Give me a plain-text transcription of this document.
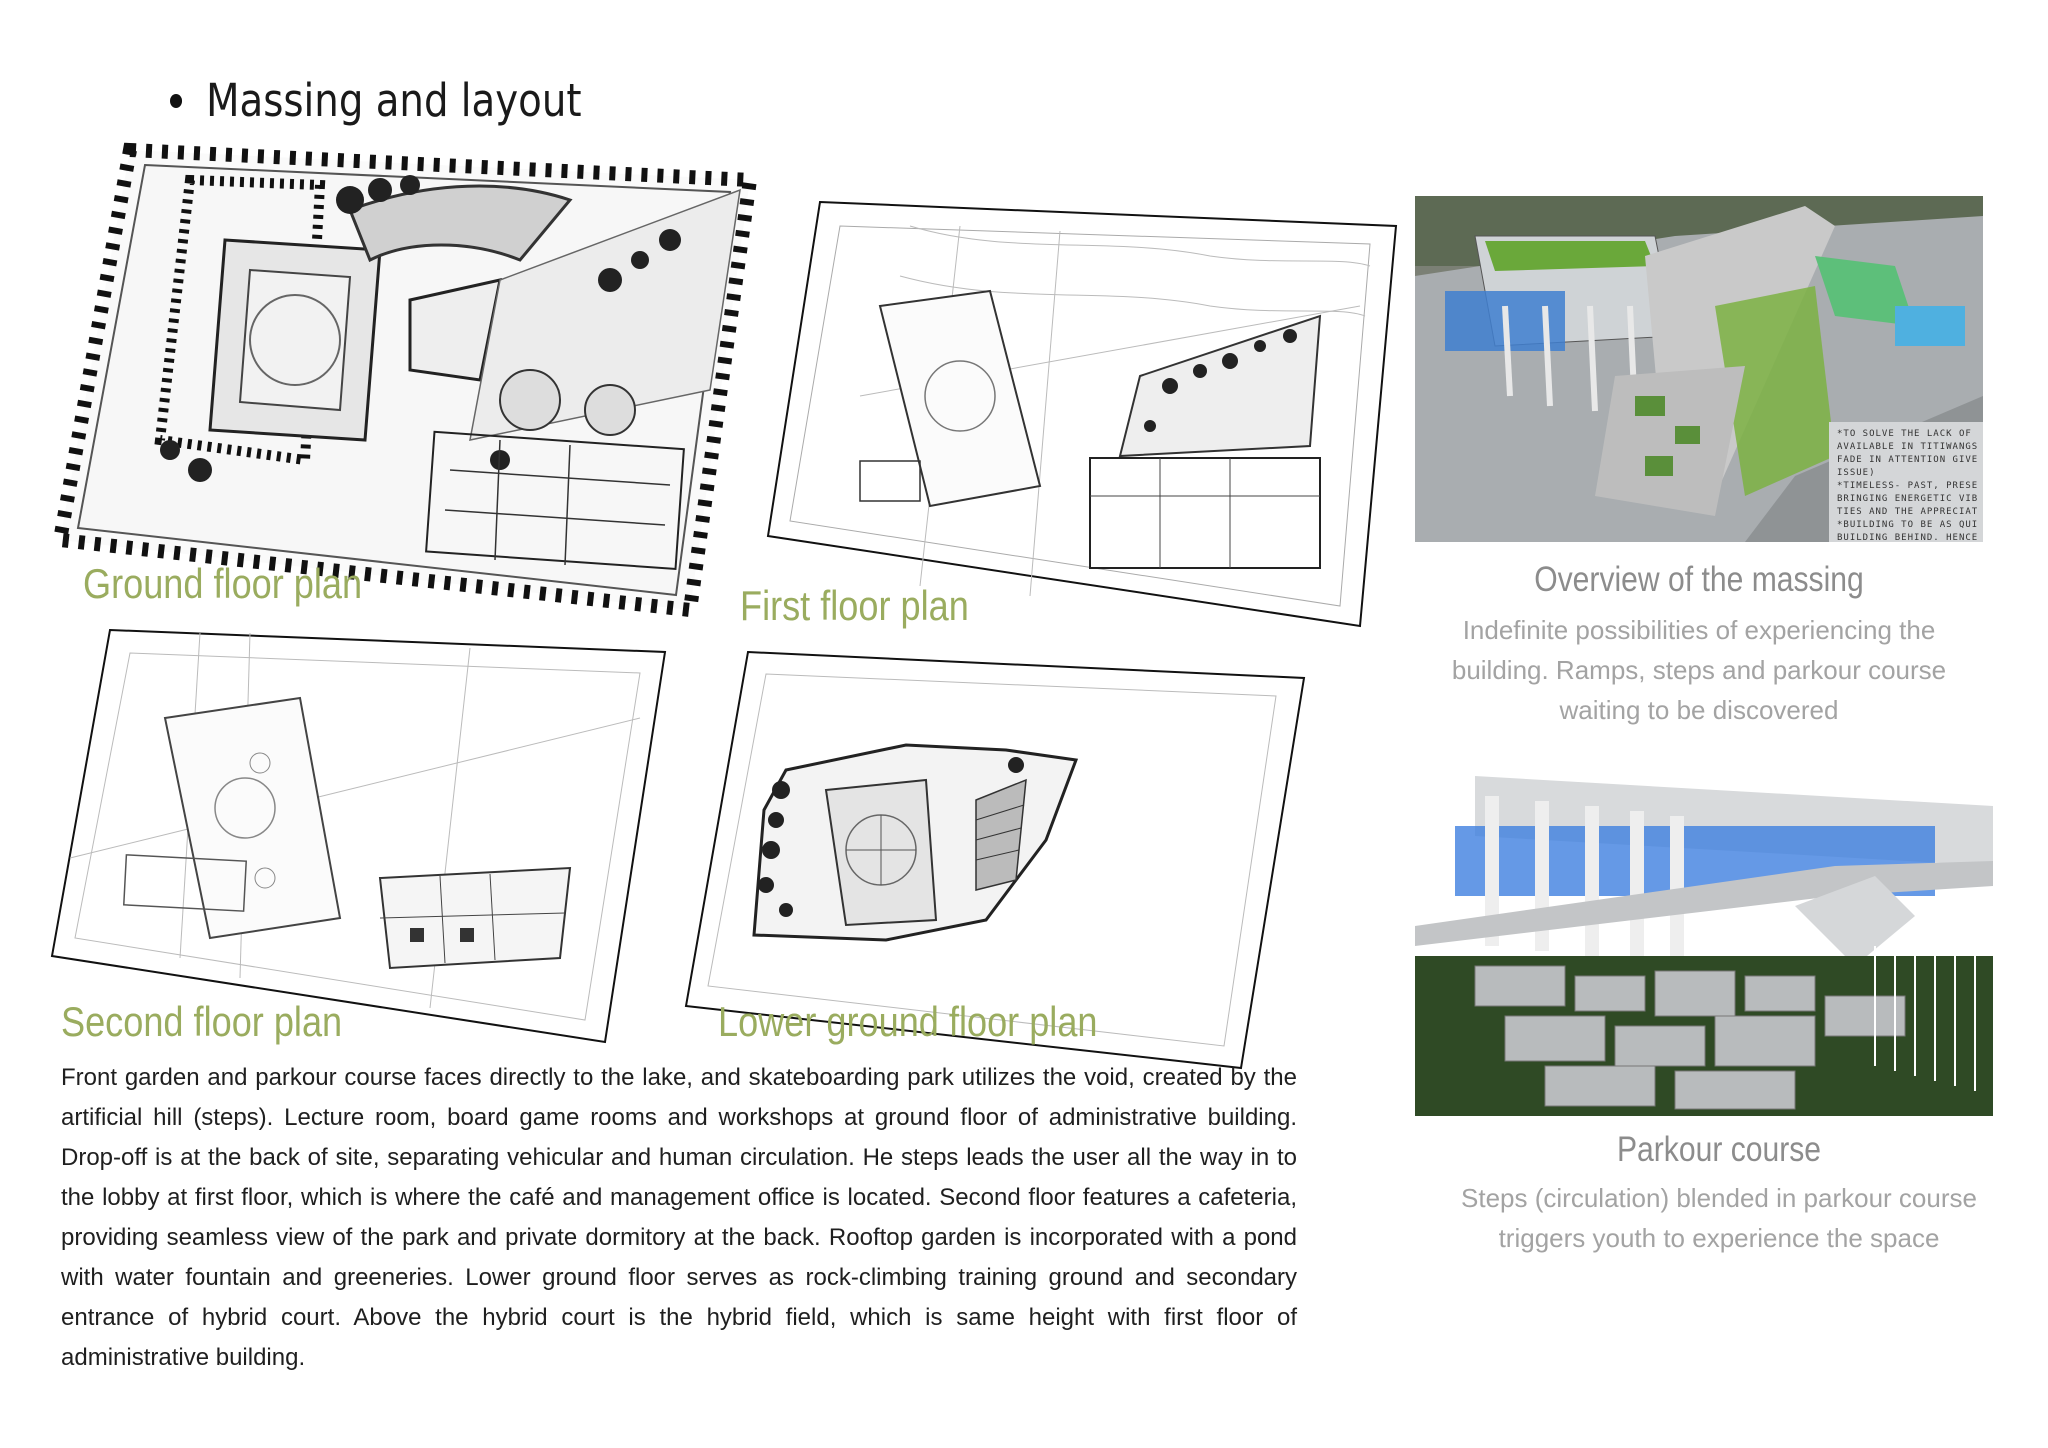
Massing and layout
Ground floor plan	First floor plan
Second floor plan	Lower ground floor plan
Front garden and parkour course faces directly to the lake, and skateboarding park utilizes the void, created by the artificial hill (steps). Lecture room, board game rooms and workshops at ground floor of administrative building. Drop-off is at the back of site, separating vehicular and human circulation. He steps leads the user all the way in to the lobby at first floor, which is where the café and management office is located. Second floor features a cafeteria, providing seamless view of the park and private dormitory at the back. Rooftop garden is incorporated with a pond with water fountain and greeneries. Lower ground floor serves as rock-climbing training ground and secondary entrance of hybrid court. Above the hybrid court is the hybrid field, which is same height with first floor of administrative building.
*TO SOLVE THE LACK OF
AVAILABLE IN TITIWANGS
FADE IN ATTENTION GIVE
ISSUE)
*TIMELESS- PAST, PRESE
BRINGING ENERGETIC VIB
TIES AND THE APPRECIAT
*BUILDING TO BE AS QUI
BUILDING BEHIND. HENCE
Overview of the massing
Indefinite possibilities of experiencing the
building. Ramps, steps and parkour course
waiting to be discovered
Parkour course
Steps (circulation) blended in parkour course
triggers youth to experience the space
